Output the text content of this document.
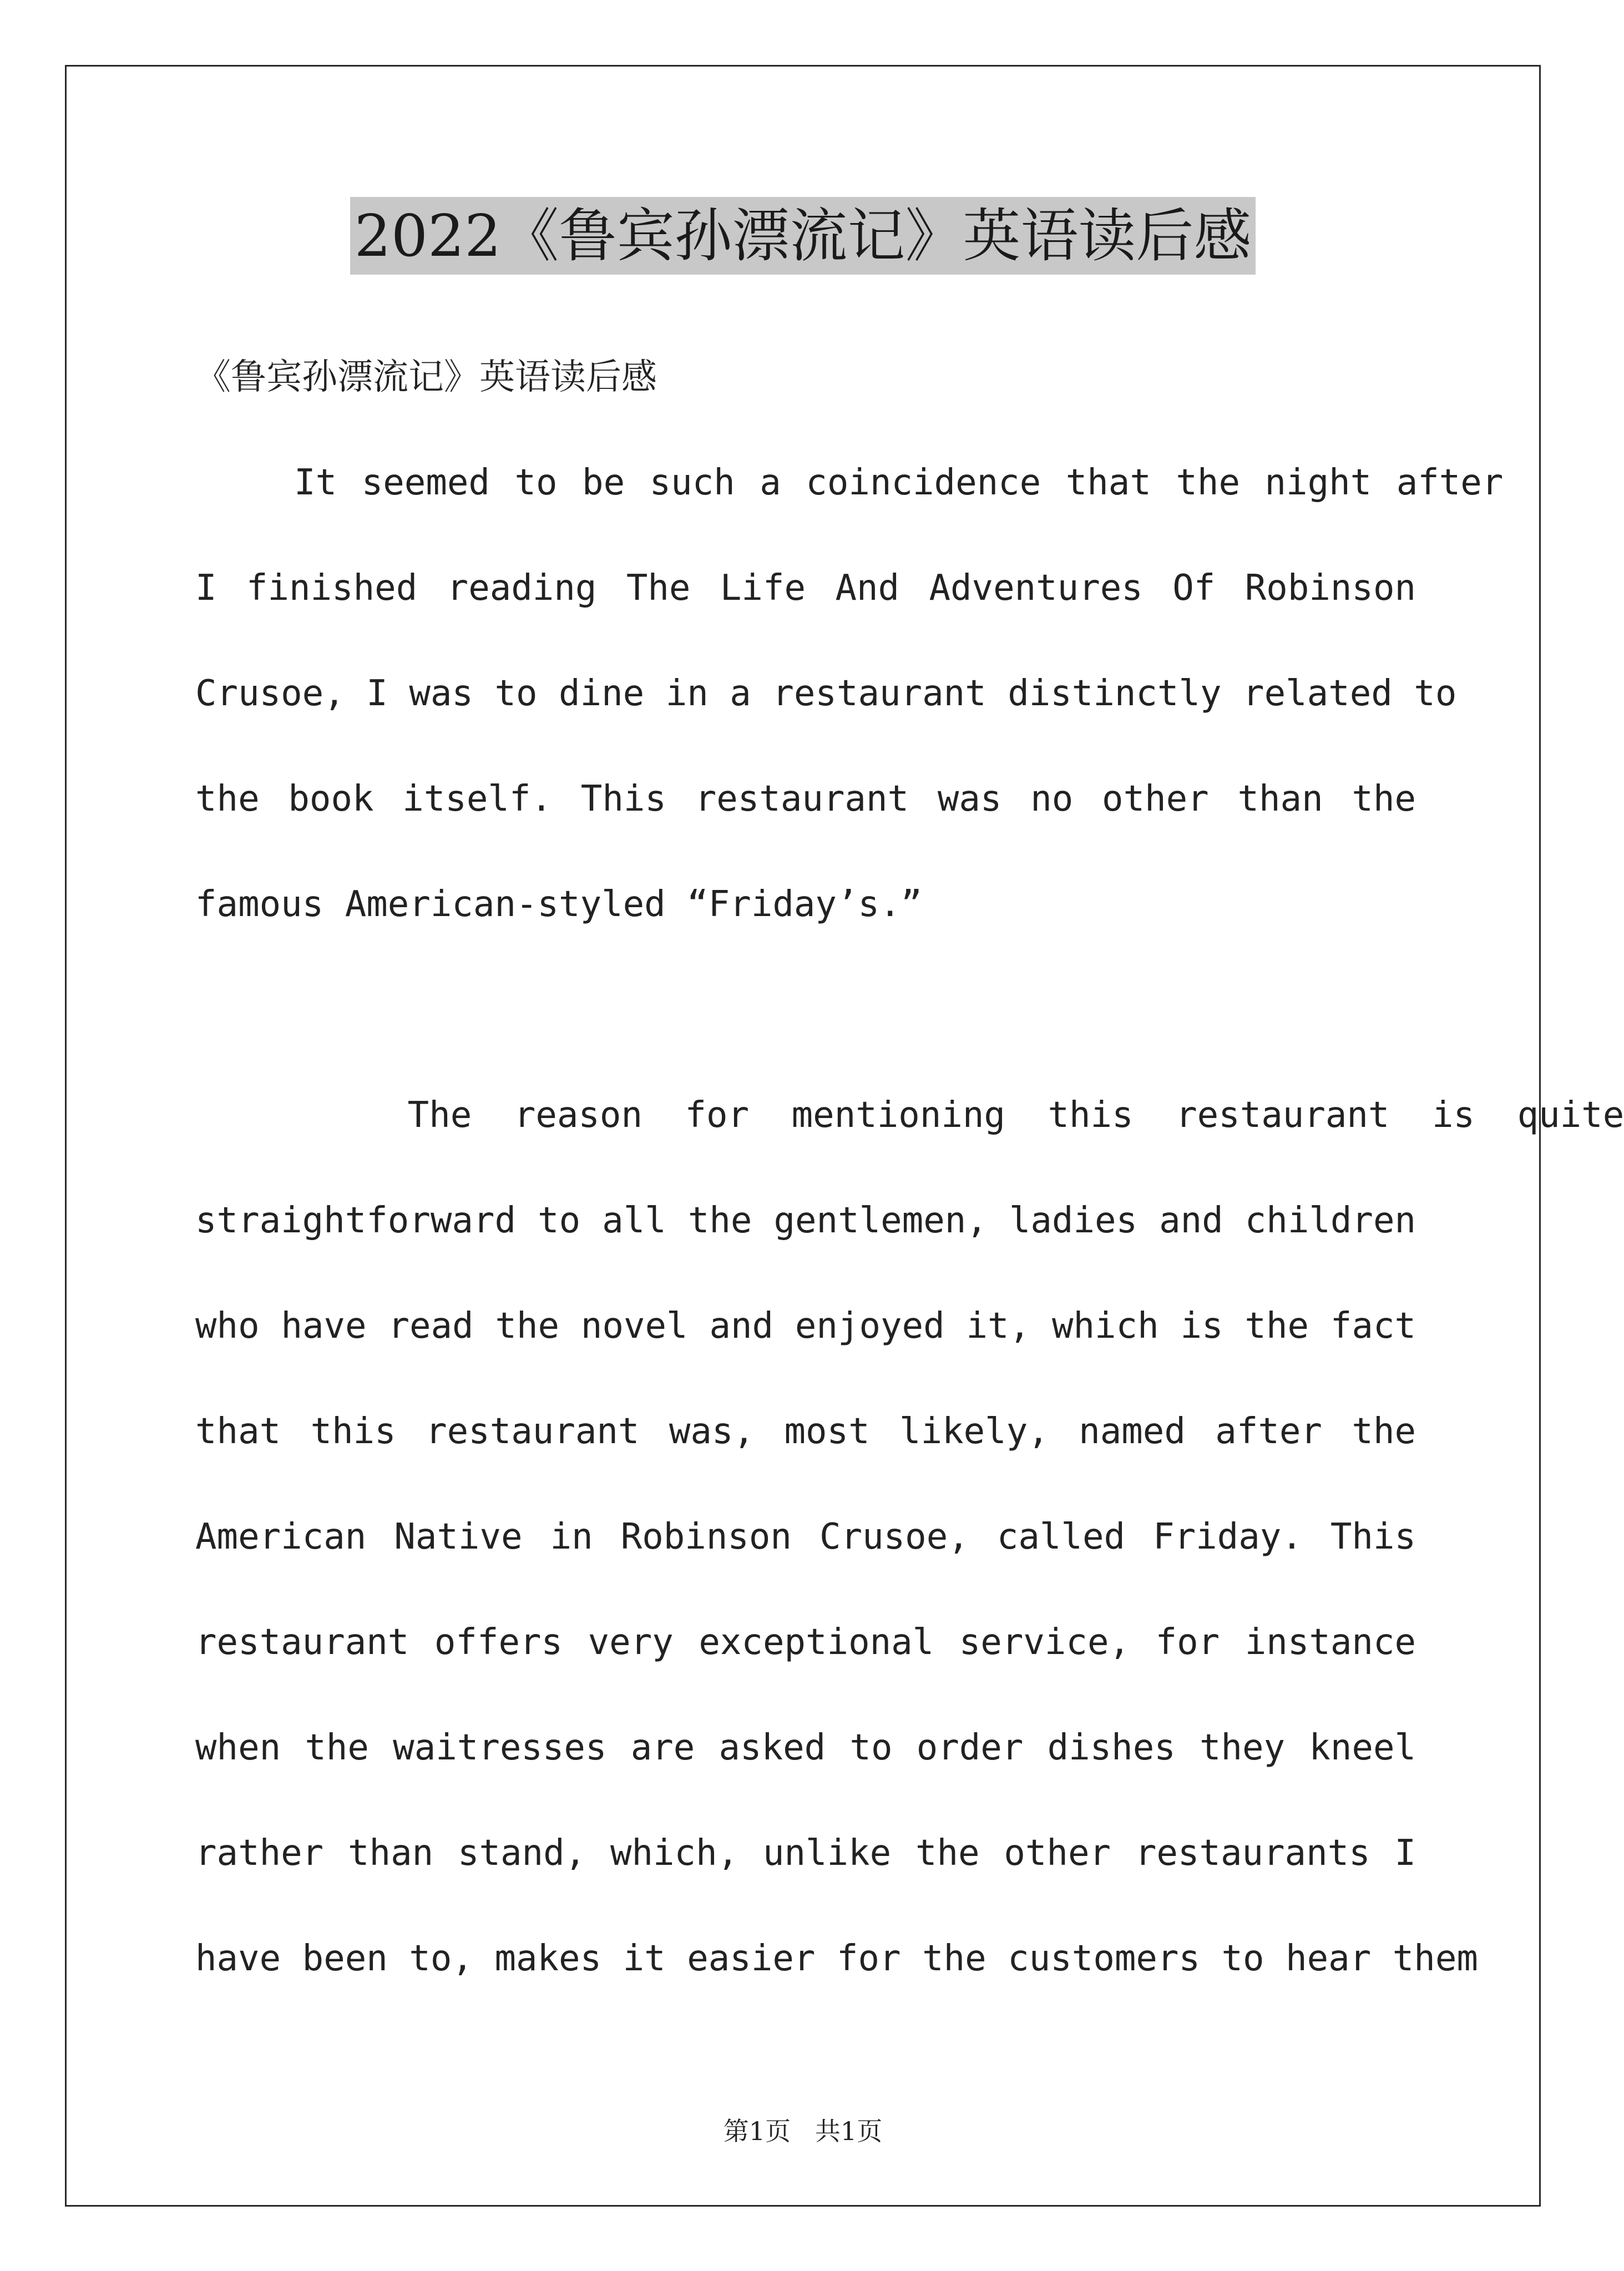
2022《鲁宾孙漂流记》英语读后感
《鲁宾孙漂流记》英语读后感
It seemed to be such a coincidence that the night after
I finished reading The Life And Adventures Of Robinson
Crusoe, I was to dine in a restaurant distinctly related to
the book itself. This restaurant was no other than the
famous American-styled “Friday’s.”
The reason for mentioning this restaurant is quite
straightforward to all the gentlemen, ladies and children
who have read the novel and enjoyed it, which is the fact
that this restaurant was, most likely, named after the
American Native in Robinson Crusoe, called Friday. This
restaurant offers very exceptional service, for instance
when the waitresses are asked to order dishes they kneel
rather than stand, which, unlike the other restaurants I
have been to, makes it easier for the customers to hear them
第1页   共1页
